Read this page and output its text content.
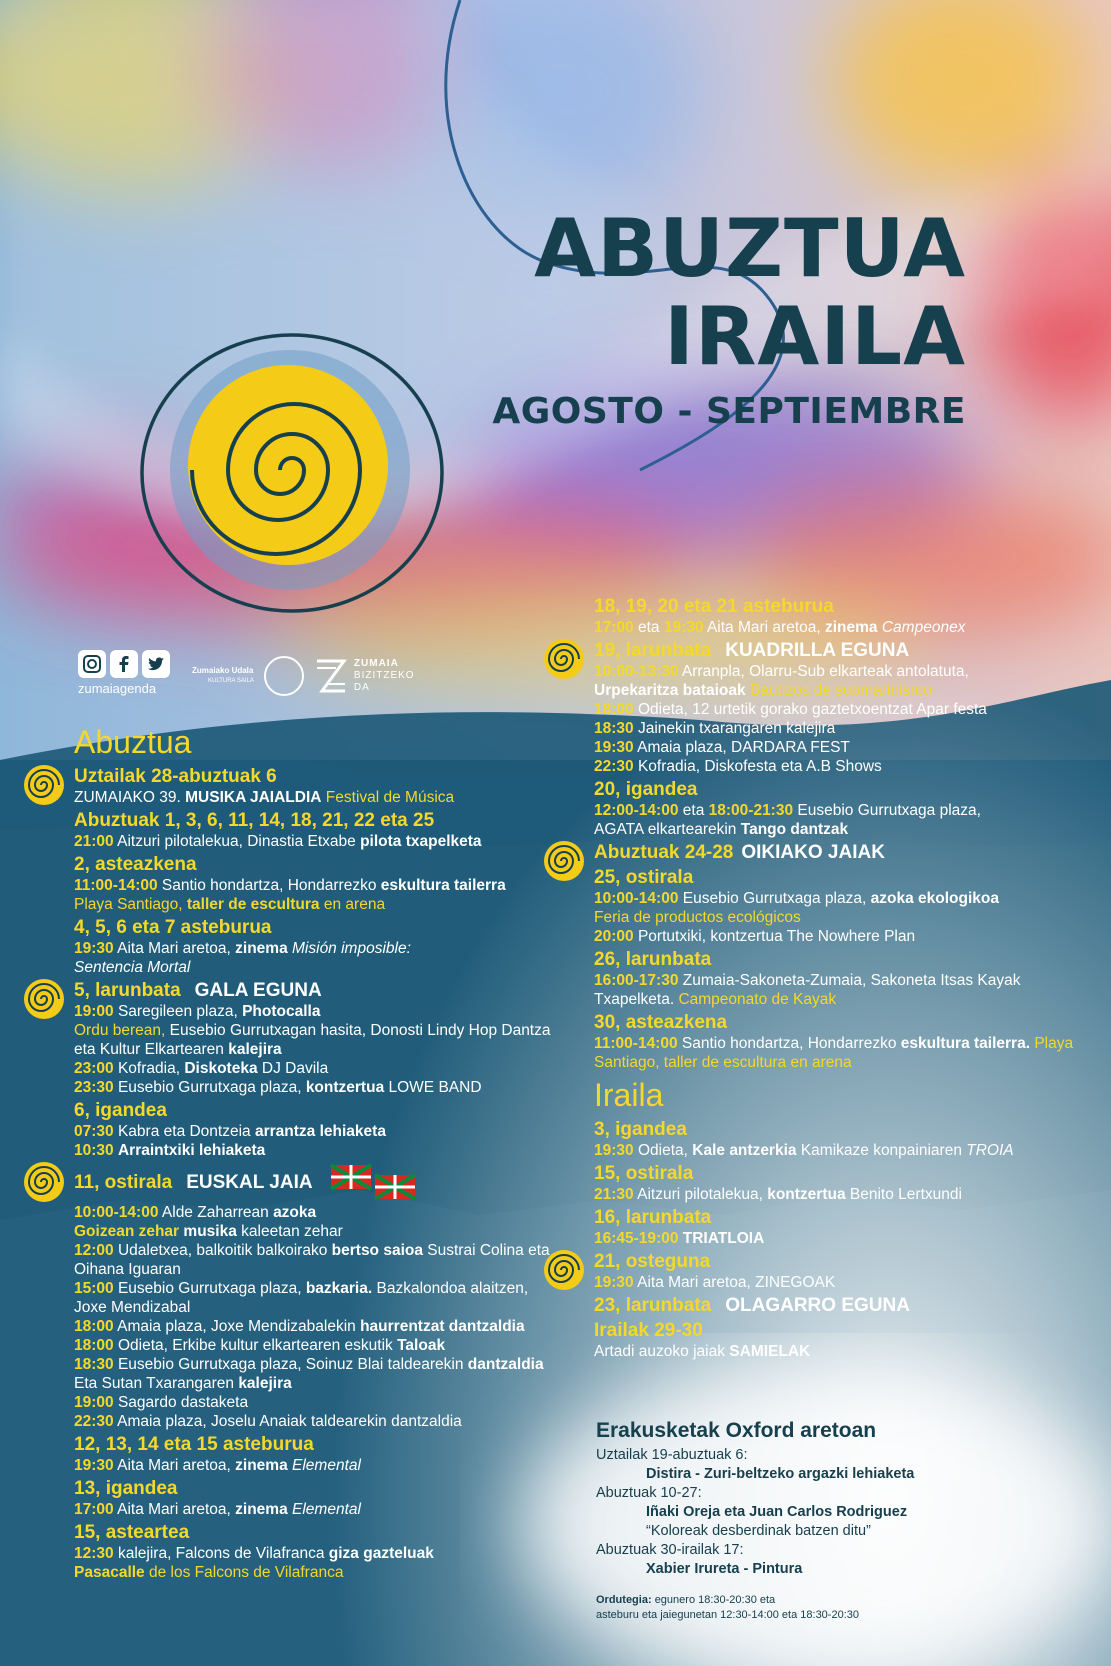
ABUZTUA
IRAILA
AGOSTO - SEPTIEMBRE
zumaiagenda
Zumaiako Udala
KULTURA SAILA
ZUMAIA
BIZITZEKO
DA
Abuztua
Uztailak 28-abuztuak 6
ZUMAIAKO 39. MUSIKA JAIALDIA Festival de Música
Abuztuak 1, 3, 6, 11, 14, 18, 21, 22 eta 25
21:00 Aitzuri pilotalekua, Dinastia Etxabe pilota txapelketa
2, asteazkena
11:00-14:00 Santio hondartza, Hondarrezko eskultura tailerra
Playa Santiago, taller de escultura en arena
4, 5, 6 eta 7 asteburua
19:30 Aita Mari aretoa, zinema Misión imposible:
Sentencia Mortal
5, larunbata GALA EGUNA
19:00 Saregileen plaza, Photocalla
Ordu berean, Eusebio Gurrutxagan hasita, Donosti Lindy Hop Dantza eta Kultur Elkartearen kalejira
23:00 Kofradia, Diskoteka DJ Davila
23:30 Eusebio Gurrutxaga plaza, kontzertua LOWE BAND
6, igandea
07:30 Kabra eta Dontzeia arrantza lehiaketa
10:30 Arraintxiki lehiaketa
11, ostirala EUSKAL JAIA
10:00-14:00 Alde Zaharrean azoka
Goizean zehar musika kaleetan zehar
12:00 Udaletxea, balkoitik balkoirako bertso saioa Sustrai Colina eta Oihana Iguaran
15:00 Eusebio Gurrutxaga plaza, bazkaria. Bazkalondoa alaitzen, Joxe Mendizabal
18:00 Amaia plaza, Joxe Mendizabalekin haurrentzat dantzaldia
18:00 Odieta, Erkibe kultur elkartearen eskutik Taloak
18:30 Eusebio Gurrutxaga plaza, Soinuz Blai taldearekin dantzaldia
Eta Sutan Txarangaren kalejira
19:00 Sagardo dastaketa
22:30 Amaia plaza, Joselu Anaiak taldearekin dantzaldia
12, 13, 14 eta 15 asteburua
19:30 Aita Mari aretoa, zinema Elemental
13, igandea
17:00 Aita Mari aretoa, zinema Elemental
15, asteartea
12:30 kalejira, Falcons de Vilafranca giza gazteluak
Pasacalle de los Falcons de Vilafranca
18, 19, 20 eta 21 asteburua
17:00 eta 19:30 Aita Mari aretoa, zinema Campeonex
19, larunbata KUADRILLA EGUNA
10:00-13:30 Arranpla, Olarru-Sub elkarteak antolatuta,
Urpekaritza bataioak Bautizos de submarinismo
18:00 Odieta, 12 urtetik gorako gaztetxoentzat Apar festa
18:30 Jainekin txarangaren kalejira
19:30 Amaia plaza, DARDARA FEST
22:30 Kofradia, Diskofesta eta A.B Shows
20, igandea
12:00-14:00 eta 18:00-21:30 Eusebio Gurrutxaga plaza,
AGATA elkartearekin Tango dantzak
Abuztuak 24-28 OIKIAKO JAIAK
25, ostirala
10:00-14:00 Eusebio Gurrutxaga plaza, azoka ekologikoa
Feria de productos ecológicos
20:00 Portutxiki, kontzertua The Nowhere Plan
26, larunbata
16:00-17:30 Zumaia-Sakoneta-Zumaia, Sakoneta Itsas Kayak Txapelketa. Campeonato de Kayak
30, asteazkena
11:00-14:00 Santio hondartza, Hondarrezko eskultura tailerra. Playa Santiago, taller de escultura en arena
Iraila
3, igandea
19:30 Odieta, Kale antzerkia Kamikaze konpainiaren TROIA
15, ostirala
21:30 Aitzuri pilotalekua, kontzertua Benito Lertxundi
16, larunbata
16:45-19:00 TRIATLOIA
21, osteguna
19:30 Aita Mari aretoa, ZINEGOAK
23, larunbata OLAGARRO EGUNA
Irailak 29-30
Artadi auzoko jaiak SAMIELAK
Erakusketak Oxford aretoan
Uztailak 19-abuztuak 6:
Distira - Zuri-beltzeko argazki lehiaketa
Abuztuak 10-27:
Iñaki Oreja eta Juan Carlos Rodriguez
“Koloreak desberdinak batzen ditu”
Abuztuak 30-irailak 17:
Xabier Irureta - Pintura
Ordutegia: egunero 18:30-20:30 eta
asteburu eta jaiegunetan 12:30-14:00 eta 18:30-20:30
